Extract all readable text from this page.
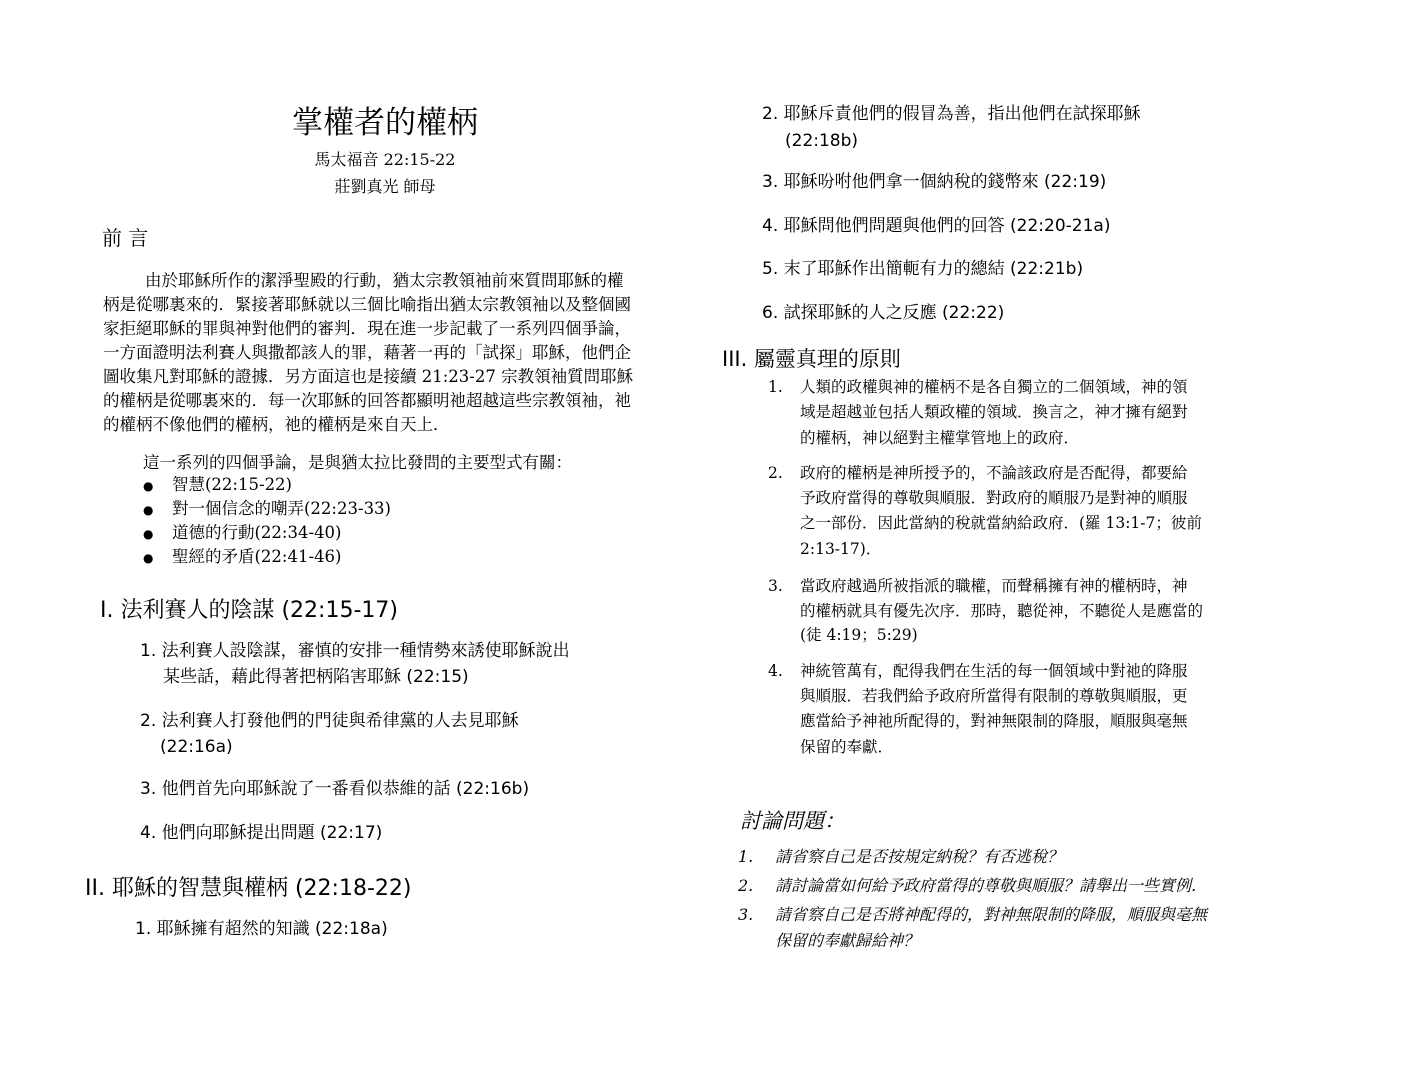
掌權者的權柄
馬太福音 22:15-22
莊劉真光 師母
前 言
由於耶穌所作的潔淨聖殿的行動，猶太宗教領袖前來質問耶穌的權
柄是從哪裏來的．緊接著耶穌就以三個比喻指出猶太宗教領袖以及整個國
家拒絕耶穌的罪與神對他們的審判．現在進一步記載了一系列四個爭論，
一方面證明法利賽人與撒都該人的罪，藉著一再的「試探」耶穌，他們企
圖收集凡對耶穌的證據．另方面這也是接續 21:23-27 宗教領袖質問耶穌
的權柄是從哪裏來的．每一次耶穌的回答都顯明祂超越這些宗教領袖，祂
的權柄不像他們的權柄，祂的權柄是來自天上．
這一系列的四個爭論，是與猶太拉比發問的主要型式有關：
● 智慧(22:15-22)
● 對一個信念的嘲弄(22:23-33)
● 道德的行動(22:34-40)
● 聖經的矛盾(22:41-46)
I. 法利賽人的陰謀 (22:15-17)
1. 法利賽人設陰謀，審慎的安排一種情勢來誘使耶穌說出
某些話，藉此得著把柄陷害耶穌 (22:15)
2. 法利賽人打發他們的門徒與希律黨的人去見耶穌
(22:16a)
3. 他們首先向耶穌說了一番看似恭維的話 (22:16b)
4. 他們向耶穌提出問題 (22:17)
II. 耶穌的智慧與權柄 (22:18-22)
1. 耶穌擁有超然的知識 (22:18a)
2. 耶穌斥責他們的假冒為善，指出他們在試探耶穌
(22:18b)
3. 耶穌吩咐他們拿一個納稅的錢幣來 (22:19)
4. 耶穌問他們問題與他們的回答 (22:20-21a)
5. 末了耶穌作出簡軛有力的總結 (22:21b)
6. 試探耶穌的人之反應 (22:22)
III. 屬靈真理的原則
1. 人類的政權與神的權柄不是各自獨立的二個領域，神的領
域是超越並包括人類政權的領域．換言之，神才擁有絕對
的權柄，神以絕對主權掌管地上的政府．
2. 政府的權柄是神所授予的，不論該政府是否配得，都要給
予政府當得的尊敬與順服．對政府的順服乃是對神的順服
之一部份．因此當納的稅就當納給政府．(羅 13:1-7；彼前
2:13-17)．
3. 當政府越過所被指派的職權，而聲稱擁有神的權柄時，神
的權柄就具有優先次序．那時，聽從神，不聽從人是應當的
(徒 4:19；5:29)
4. 神統管萬有，配得我們在生活的每一個領域中對祂的降服
與順服．若我們給予政府所當得有限制的尊敬與順服，更
應當給予神祂所配得的，對神無限制的降服，順服與毫無
保留的奉獻．
討論問題：
1. 請省察自己是否按規定納稅？有否逃稅？
2. 請討論當如何給予政府當得的尊敬與順服？請舉出一些實例．
3. 請省察自己是否將神配得的，對神無限制的降服，順服與毫無
保留的奉獻歸給神？
